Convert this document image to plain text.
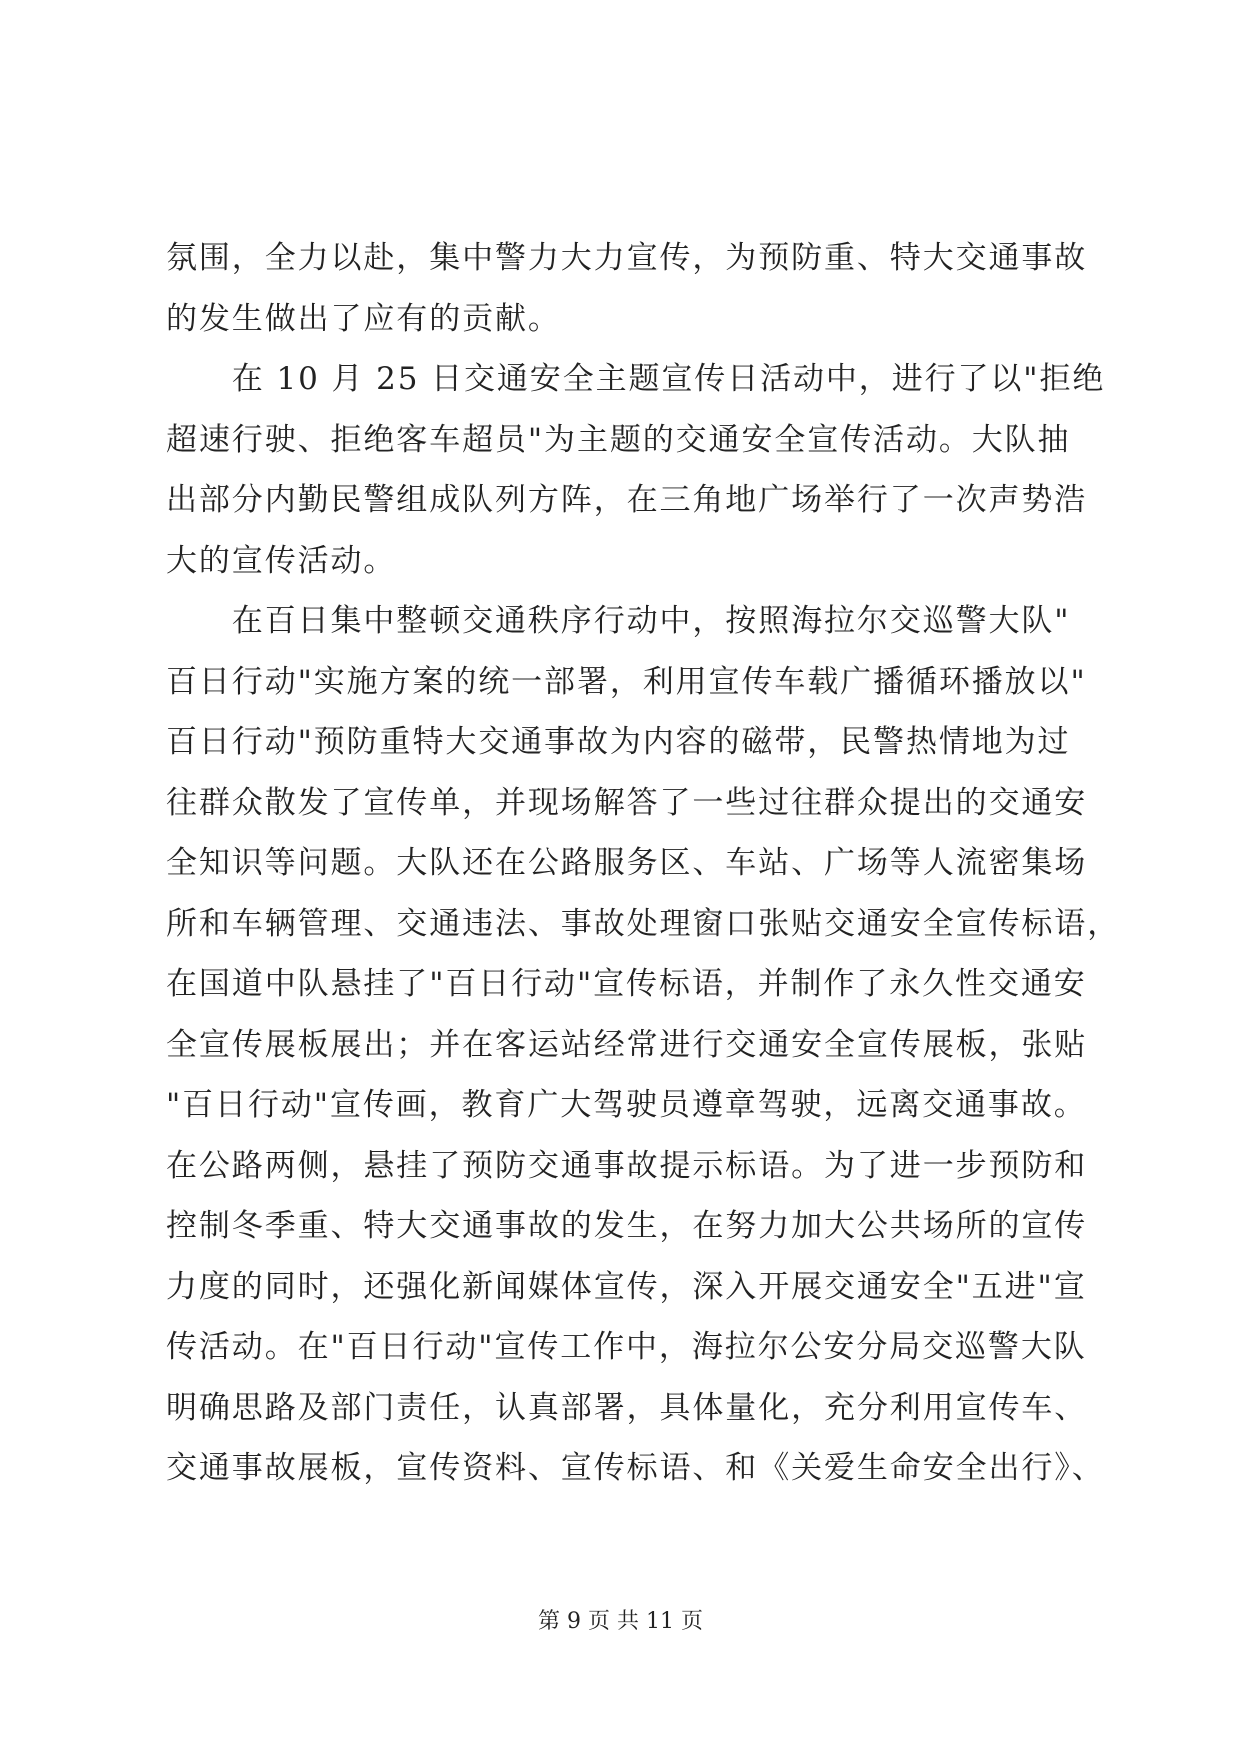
氛围，全力以赴，集中警力大力宣传，为预防重、特大交通事故
的发生做出了应有的贡献。
　　在 10 月 25 日交通安全主题宣传日活动中，进行了以"拒绝
超速行驶、拒绝客车超员"为主题的交通安全宣传活动。大队抽
出部分内勤民警组成队列方阵，在三角地广场举行了一次声势浩
大的宣传活动。
　　在百日集中整顿交通秩序行动中，按照海拉尔交巡警大队"
百日行动"实施方案的统一部署，利用宣传车载广播循环播放以"
百日行动"预防重特大交通事故为内容的磁带，民警热情地为过
往群众散发了宣传单，并现场解答了一些过往群众提出的交通安
全知识等问题。大队还在公路服务区、车站、广场等人流密集场
所和车辆管理、交通违法、事故处理窗口张贴交通安全宣传标语，
在国道中队悬挂了"百日行动"宣传标语，并制作了永久性交通安
全宣传展板展出；并在客运站经常进行交通安全宣传展板，张贴
"百日行动"宣传画，教育广大驾驶员遵章驾驶，远离交通事故。
在公路两侧，悬挂了预防交通事故提示标语。为了进一步预防和
控制冬季重、特大交通事故的发生，在努力加大公共场所的宣传
力度的同时，还强化新闻媒体宣传，深入开展交通安全"五进"宣
传活动。在"百日行动"宣传工作中，海拉尔公安分局交巡警大队
明确思路及部门责任，认真部署，具体量化，充分利用宣传车、
交通事故展板，宣传资料、宣传标语、和《关爱生命安全出行》、
第 9 页 共 11 页
